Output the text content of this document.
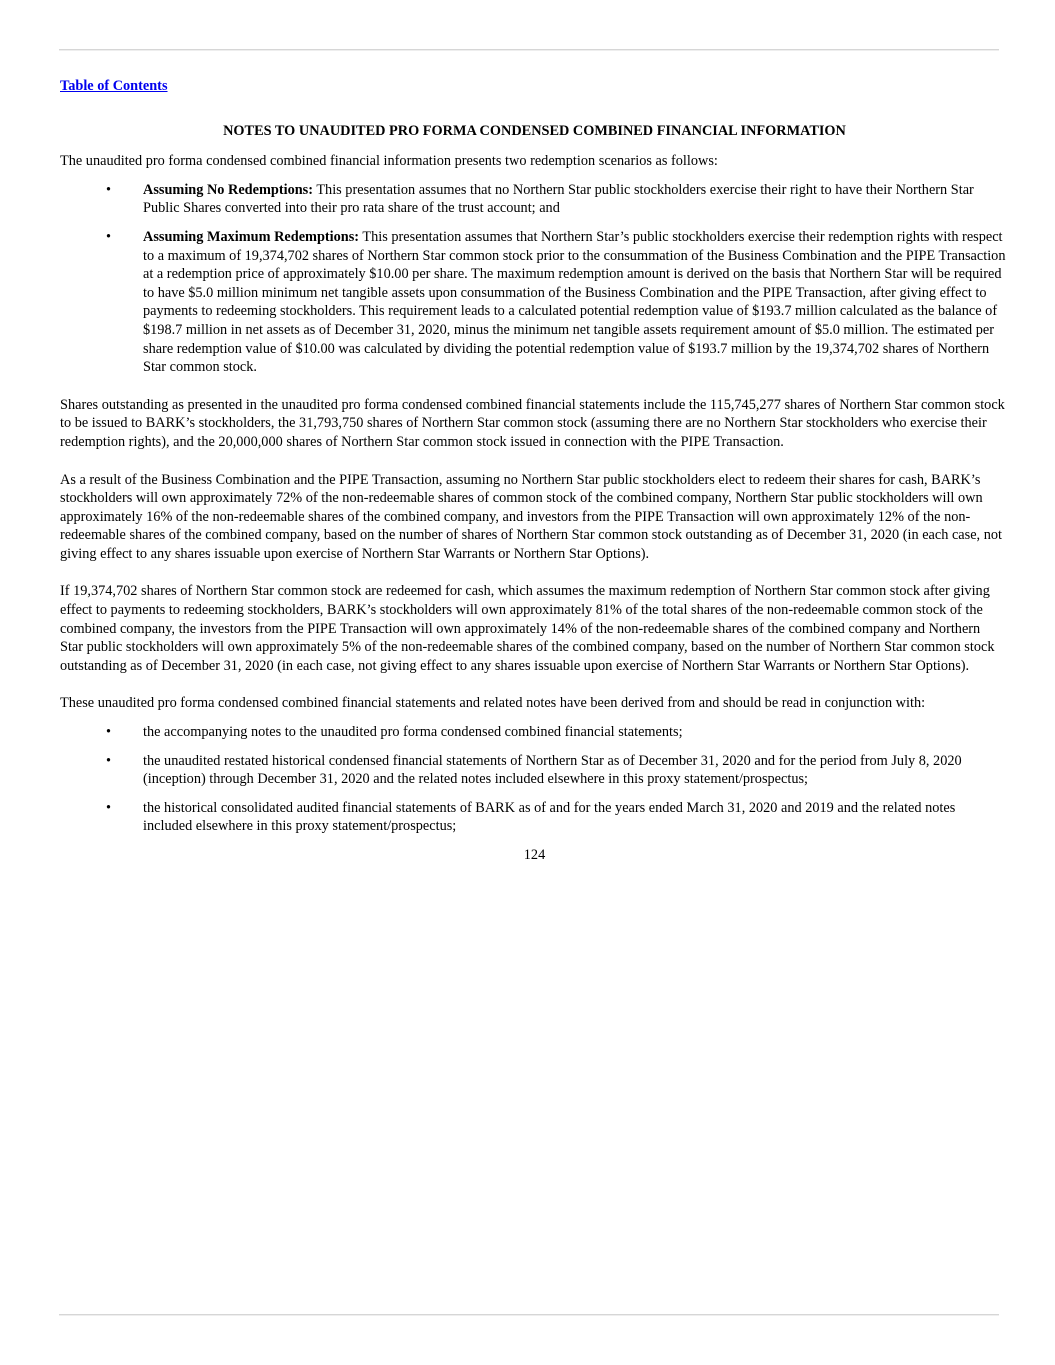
Table of Contents
NOTES TO UNAUDITED PRO FORMA CONDENSED COMBINED FINANCIAL INFORMATION

The unaudited pro forma condensed combined financial information presents two redemption scenarios as follows:

• Assuming No Redemptions: This presentation assumes that no Northern Star public stockholders exercise their right to have their Northern Star Public Shares converted into their pro rata share of the trust account; and
• Assuming Maximum Redemptions: This presentation assumes that Northern Star’s public stockholders exercise their redemption rights with respect to a maximum of 19,374,702 shares of Northern Star common stock prior to the consummation of the Business Combination and the PIPE Transaction at a redemption price of approximately $10.00 per share. The maximum redemption amount is derived on the basis that Northern Star will be required to have $5.0 million minimum net tangible assets upon consummation of the Business Combination and the PIPE Transaction, after giving effect to payments to redeeming stockholders. This requirement leads to a calculated potential redemption value of $193.7 million calculated as the balance of $198.7 million in net assets as of December 31, 2020, minus the minimum net tangible assets requirement amount of $5.0 million. The estimated per share redemption value of $10.00 was calculated by dividing the potential redemption value of $193.7 million by the 19,374,702 shares of Northern Star common stock.

Shares outstanding as presented in the unaudited pro forma condensed combined financial statements include the 115,745,277 shares of Northern Star common stock to be issued to BARK’s stockholders, the 31,793,750 shares of Northern Star common stock (assuming there are no Northern Star stockholders who exercise their redemption rights), and the 20,000,000 shares of Northern Star common stock issued in connection with the PIPE Transaction.

As a result of the Business Combination and the PIPE Transaction, assuming no Northern Star public stockholders elect to redeem their shares for cash, BARK’s stockholders will own approximately 72% of the non-redeemable shares of common stock of the combined company, Northern Star public stockholders will own approximately 16% of the non-redeemable shares of the combined company, and investors from the PIPE Transaction will own approximately 12% of the non-redeemable shares of the combined company, based on the number of shares of Northern Star common stock outstanding as of December 31, 2020 (in each case, not giving effect to any shares issuable upon exercise of Northern Star Warrants or Northern Star Options).

If 19,374,702 shares of Northern Star common stock are redeemed for cash, which assumes the maximum redemption of Northern Star common stock after giving effect to payments to redeeming stockholders, BARK’s stockholders will own approximately 81% of the total shares of the non-redeemable common stock of the combined company, the investors from the PIPE Transaction will own approximately 14% of the non-redeemable shares of the combined company and Northern Star public stockholders will own approximately 5% of the non-redeemable shares of the combined company, based on the number of Northern Star common stock outstanding as of December 31, 2020 (in each case, not giving effect to any shares issuable upon exercise of Northern Star Warrants or Northern Star Options).

These unaudited pro forma condensed combined financial statements and related notes have been derived from and should be read in conjunction with:

• the accompanying notes to the unaudited pro forma condensed combined financial statements;
• the unaudited restated historical condensed financial statements of Northern Star as of December 31, 2020 and for the period from July 8, 2020 (inception) through December 31, 2020 and the related notes included elsewhere in this proxy statement/prospectus;
• the historical consolidated audited financial statements of BARK as of and for the years ended March 31, 2020 and 2019 and the related notes included elsewhere in this proxy statement/prospectus;
124
